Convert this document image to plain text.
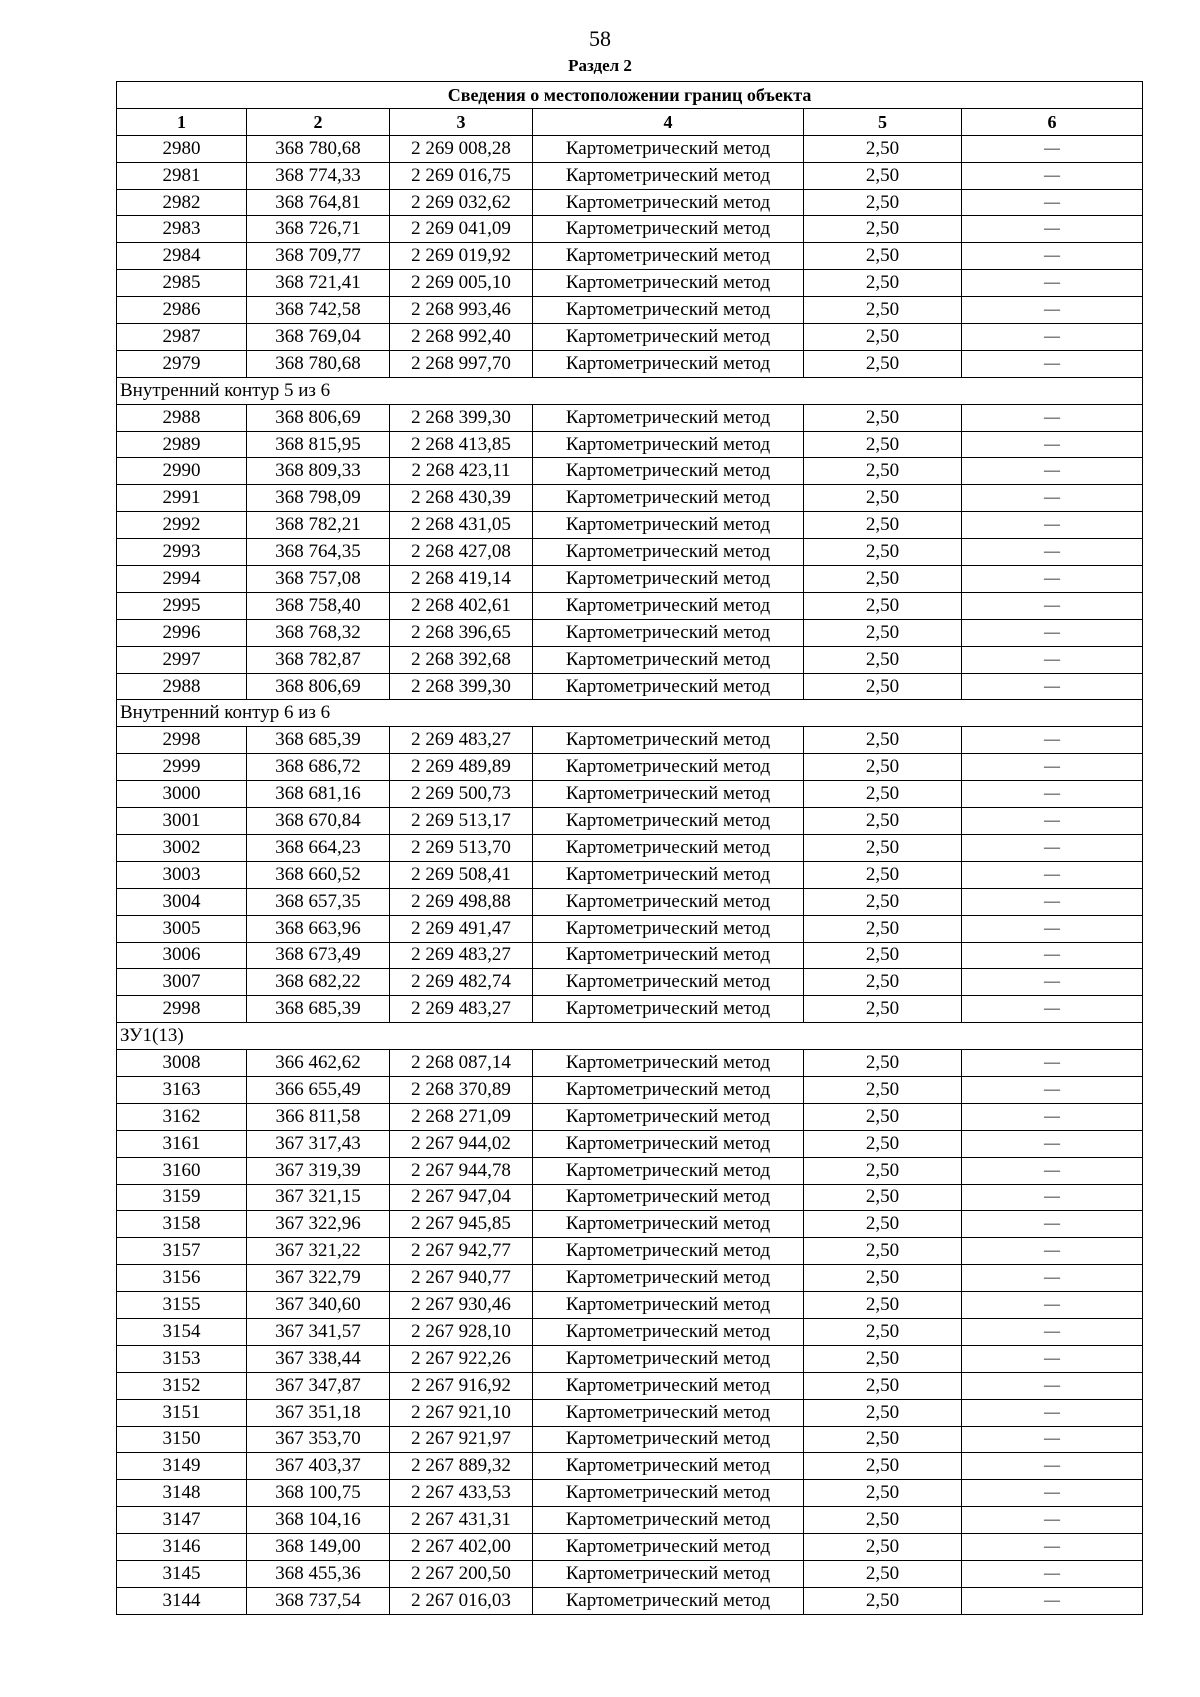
58
Раздел 2
Сведения о местоположении границ объекта					
1	2	3	4	5	6
2980	368 780,68	2 269 008,28	Картометрический метод	2,50	—
2981	368 774,33	2 269 016,75	Картометрический метод	2,50	—
2982	368 764,81	2 269 032,62	Картометрический метод	2,50	—
2983	368 726,71	2 269 041,09	Картометрический метод	2,50	—
2984	368 709,77	2 269 019,92	Картометрический метод	2,50	—
2985	368 721,41	2 269 005,10	Картометрический метод	2,50	—
2986	368 742,58	2 268 993,46	Картометрический метод	2,50	—
2987	368 769,04	2 268 992,40	Картометрический метод	2,50	—
2979	368 780,68	2 268 997,70	Картометрический метод	2,50	—
Внутренний контур 5 из 6					
2988	368 806,69	2 268 399,30	Картометрический метод	2,50	—
2989	368 815,95	2 268 413,85	Картометрический метод	2,50	—
2990	368 809,33	2 268 423,11	Картометрический метод	2,50	—
2991	368 798,09	2 268 430,39	Картометрический метод	2,50	—
2992	368 782,21	2 268 431,05	Картометрический метод	2,50	—
2993	368 764,35	2 268 427,08	Картометрический метод	2,50	—
2994	368 757,08	2 268 419,14	Картометрический метод	2,50	—
2995	368 758,40	2 268 402,61	Картометрический метод	2,50	—
2996	368 768,32	2 268 396,65	Картометрический метод	2,50	—
2997	368 782,87	2 268 392,68	Картометрический метод	2,50	—
2988	368 806,69	2 268 399,30	Картометрический метод	2,50	—
Внутренний контур 6 из 6					
2998	368 685,39	2 269 483,27	Картометрический метод	2,50	—
2999	368 686,72	2 269 489,89	Картометрический метод	2,50	—
3000	368 681,16	2 269 500,73	Картометрический метод	2,50	—
3001	368 670,84	2 269 513,17	Картометрический метод	2,50	—
3002	368 664,23	2 269 513,70	Картометрический метод	2,50	—
3003	368 660,52	2 269 508,41	Картометрический метод	2,50	—
3004	368 657,35	2 269 498,88	Картометрический метод	2,50	—
3005	368 663,96	2 269 491,47	Картометрический метод	2,50	—
3006	368 673,49	2 269 483,27	Картометрический метод	2,50	—
3007	368 682,22	2 269 482,74	Картометрический метод	2,50	—
2998	368 685,39	2 269 483,27	Картометрический метод	2,50	—
ЗУ1(13)					
3008	366 462,62	2 268 087,14	Картометрический метод	2,50	—
3163	366 655,49	2 268 370,89	Картометрический метод	2,50	—
3162	366 811,58	2 268 271,09	Картометрический метод	2,50	—
3161	367 317,43	2 267 944,02	Картометрический метод	2,50	—
3160	367 319,39	2 267 944,78	Картометрический метод	2,50	—
3159	367 321,15	2 267 947,04	Картометрический метод	2,50	—
3158	367 322,96	2 267 945,85	Картометрический метод	2,50	—
3157	367 321,22	2 267 942,77	Картометрический метод	2,50	—
3156	367 322,79	2 267 940,77	Картометрический метод	2,50	—
3155	367 340,60	2 267 930,46	Картометрический метод	2,50	—
3154	367 341,57	2 267 928,10	Картометрический метод	2,50	—
3153	367 338,44	2 267 922,26	Картометрический метод	2,50	—
3152	367 347,87	2 267 916,92	Картометрический метод	2,50	—
3151	367 351,18	2 267 921,10	Картометрический метод	2,50	—
3150	367 353,70	2 267 921,97	Картометрический метод	2,50	—
3149	367 403,37	2 267 889,32	Картометрический метод	2,50	—
3148	368 100,75	2 267 433,53	Картометрический метод	2,50	—
3147	368 104,16	2 267 431,31	Картометрический метод	2,50	—
3146	368 149,00	2 267 402,00	Картометрический метод	2,50	—
3145	368 455,36	2 267 200,50	Картометрический метод	2,50	—
3144	368 737,54	2 267 016,03	Картометрический метод	2,50	—
